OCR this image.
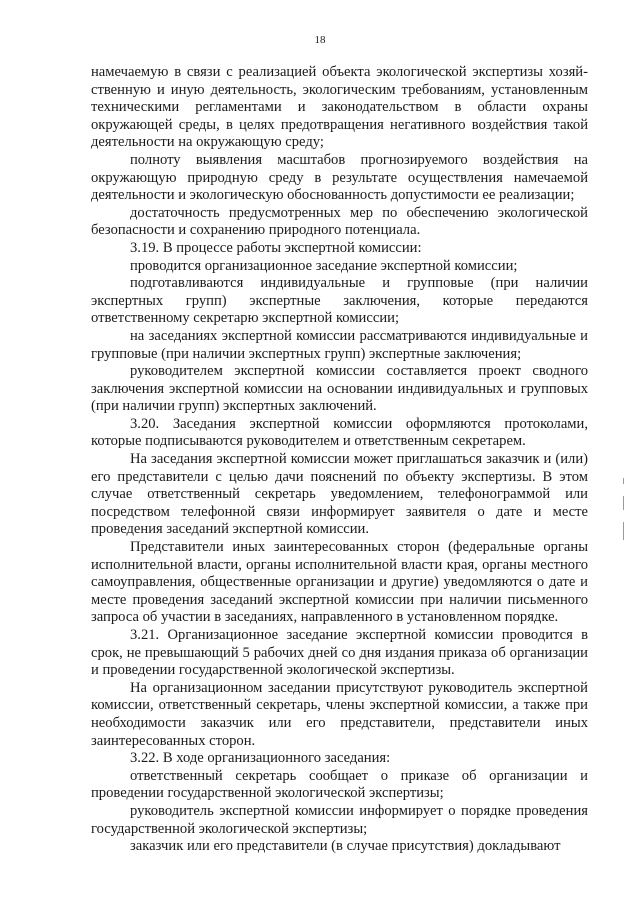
18

намечаемую в связи с реализацией объекта экологической экспертизы хозяйственную и иную деятельность, экологическим требованиям, установленным техническими регламентами и законодательством в области охраны окружающей среды, в целях предотвращения негативного воздействия такой деятельности на окружающую среду;

полноту выявления масштабов прогнозируемого воздействия на окружающую природную среду в результате осуществления намечаемой деятельности и экологическую обоснованность допустимости ее реализации;

достаточность предусмотренных мер по обеспечению экологической безопасности и сохранению природного потенциала.

3.19. В процессе работы экспертной комиссии:

проводится организационное заседание экспертной комиссии;

подготавливаются индивидуальные и групповые (при наличии экспертных групп) экспертные заключения, которые передаются ответственному секретарю экспертной комиссии;

на заседаниях экспертной комиссии рассматриваются индивидуальные и групповые (при наличии экспертных групп) экспертные заключения;

руководителем экспертной комиссии составляется проект сводного заключения экспертной комиссии на основании индивидуальных и групповых (при наличии групп) экспертных заключений.

3.20. Заседания экспертной комиссии оформляются протоколами, которые подписываются руководителем и ответственным секретарем.

На заседания экспертной комиссии может приглашаться заказчик и (или) его представители с целью дачи пояснений по объекту экспертизы. В этом случае ответственный секретарь уведомлением, телефонограммой или посредством телефонной связи информирует заявителя о дате и месте проведения заседаний экспертной комиссии.

Представители иных заинтересованных сторон (федеральные органы исполнительной власти, органы исполнительной власти края, органы местного самоуправления, общественные организации и другие) уведомляются о дате и месте проведения заседаний экспертной комиссии при наличии письменного запроса об участии в заседаниях, направленного в установленном порядке.

3.21. Организационное заседание экспертной комиссии проводится в срок, не превышающий 5 рабочих дней со дня издания приказа об организации и проведении государственной экологической экспертизы.

На организационном заседании присутствуют руководитель экспертной комиссии, ответственный секретарь, члены экспертной комиссии, а также при необходимости заказчик или его представители, представители иных заинтересованных сторон.

3.22. В ходе организационного заседания:

ответственный секретарь сообщает о приказе об организации и проведении государственной экологической экспертизы;

руководитель экспертной комиссии информирует о порядке проведения государственной экологической экспертизы;

заказчик или его представители (в случае присутствия) докладывают
